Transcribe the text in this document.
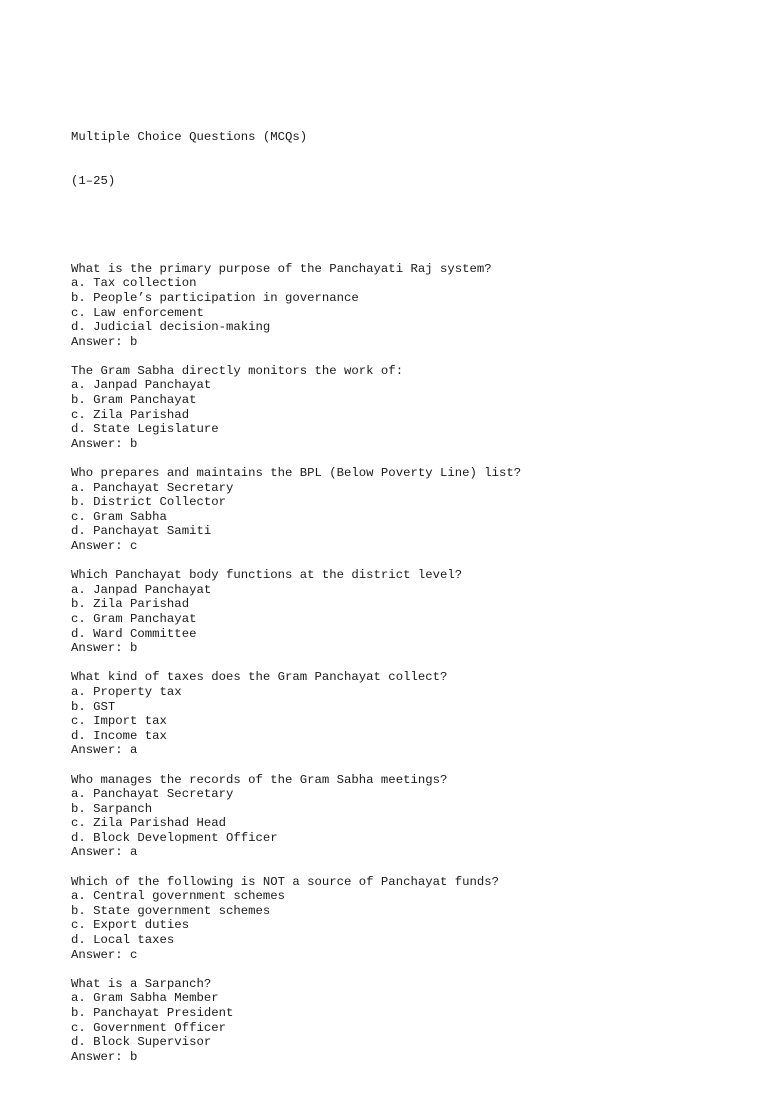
Multiple Choice Questions (MCQs)

(1–25)

What is the primary purpose of the Panchayati Raj system?
a. Tax collection
b. People’s participation in governance
c. Law enforcement
d. Judicial decision-making
Answer: b
The Gram Sabha directly monitors the work of:
a. Janpad Panchayat
b. Gram Panchayat
c. Zila Parishad
d. State Legislature
Answer: b
Who prepares and maintains the BPL (Below Poverty Line) list?
a. Panchayat Secretary
b. District Collector
c. Gram Sabha
d. Panchayat Samiti
Answer: c
Which Panchayat body functions at the district level?
a. Janpad Panchayat
b. Zila Parishad
c. Gram Panchayat
d. Ward Committee
Answer: b
What kind of taxes does the Gram Panchayat collect?
a. Property tax
b. GST
c. Import tax
d. Income tax
Answer: a
Who manages the records of the Gram Sabha meetings?
a. Panchayat Secretary
b. Sarpanch
c. Zila Parishad Head
d. Block Development Officer
Answer: a
Which of the following is NOT a source of Panchayat funds?
a. Central government schemes
b. State government schemes
c. Export duties
d. Local taxes
Answer: c
What is a Sarpanch?
a. Gram Sabha Member
b. Panchayat President
c. Government Officer
d. Block Supervisor
Answer: b
